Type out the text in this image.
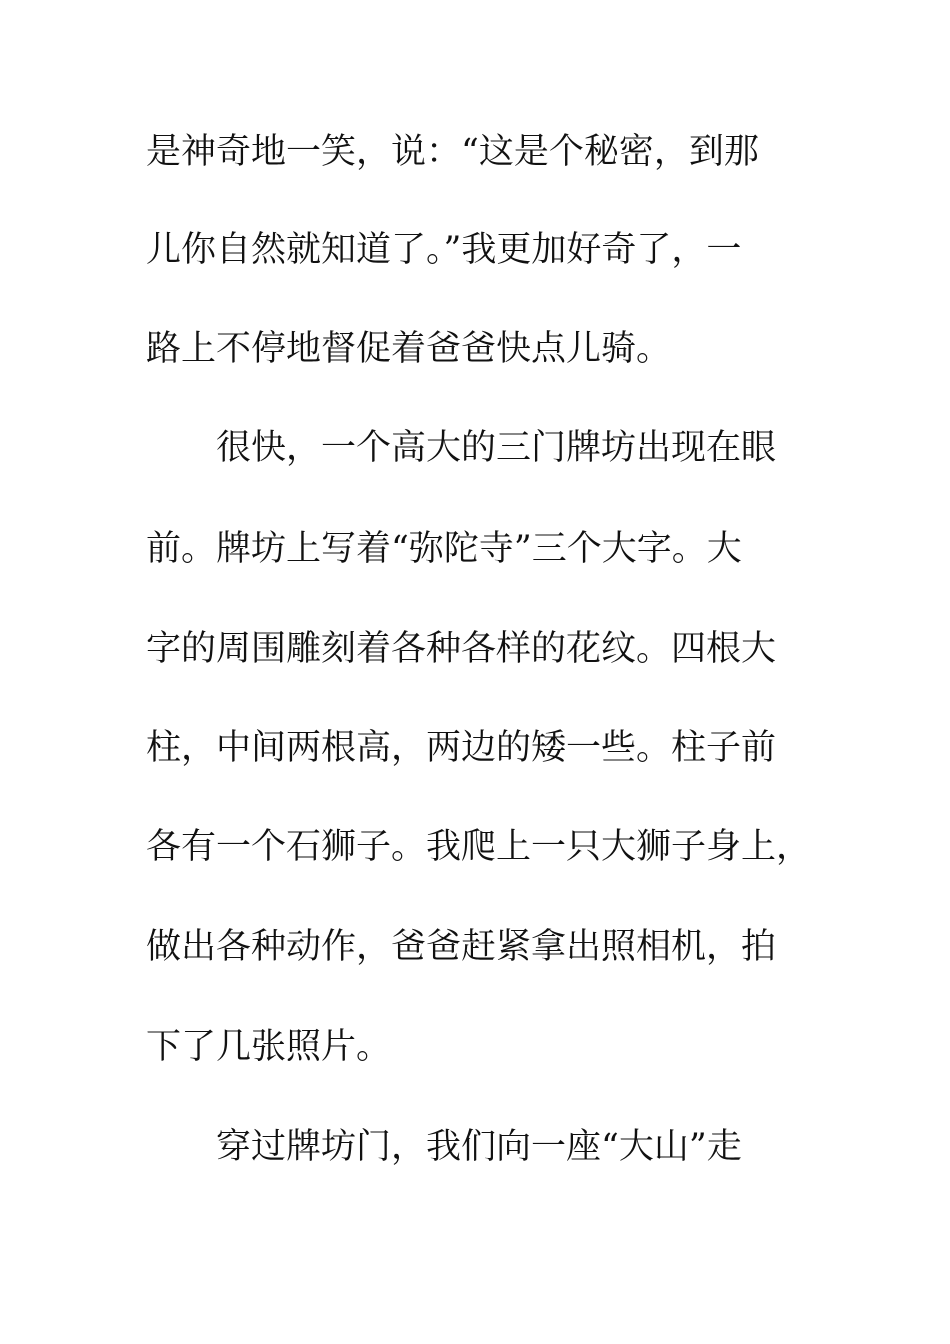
是神奇地一笑，说：“这是个秘密，到那
儿你自然就知道了。”我更加好奇了，一
路上不停地督促着爸爸快点儿骑。
很快，一个高大的三门牌坊出现在眼
前。牌坊上写着“弥陀寺”三个大字。大
字的周围雕刻着各种各样的花纹。四根大
柱，中间两根高，两边的矮一些。柱子前
各有一个石狮子。我爬上一只大狮子身上，
做出各种动作，爸爸赶紧拿出照相机，拍
下了几张照片。
穿过牌坊门，我们向一座“大山”走
